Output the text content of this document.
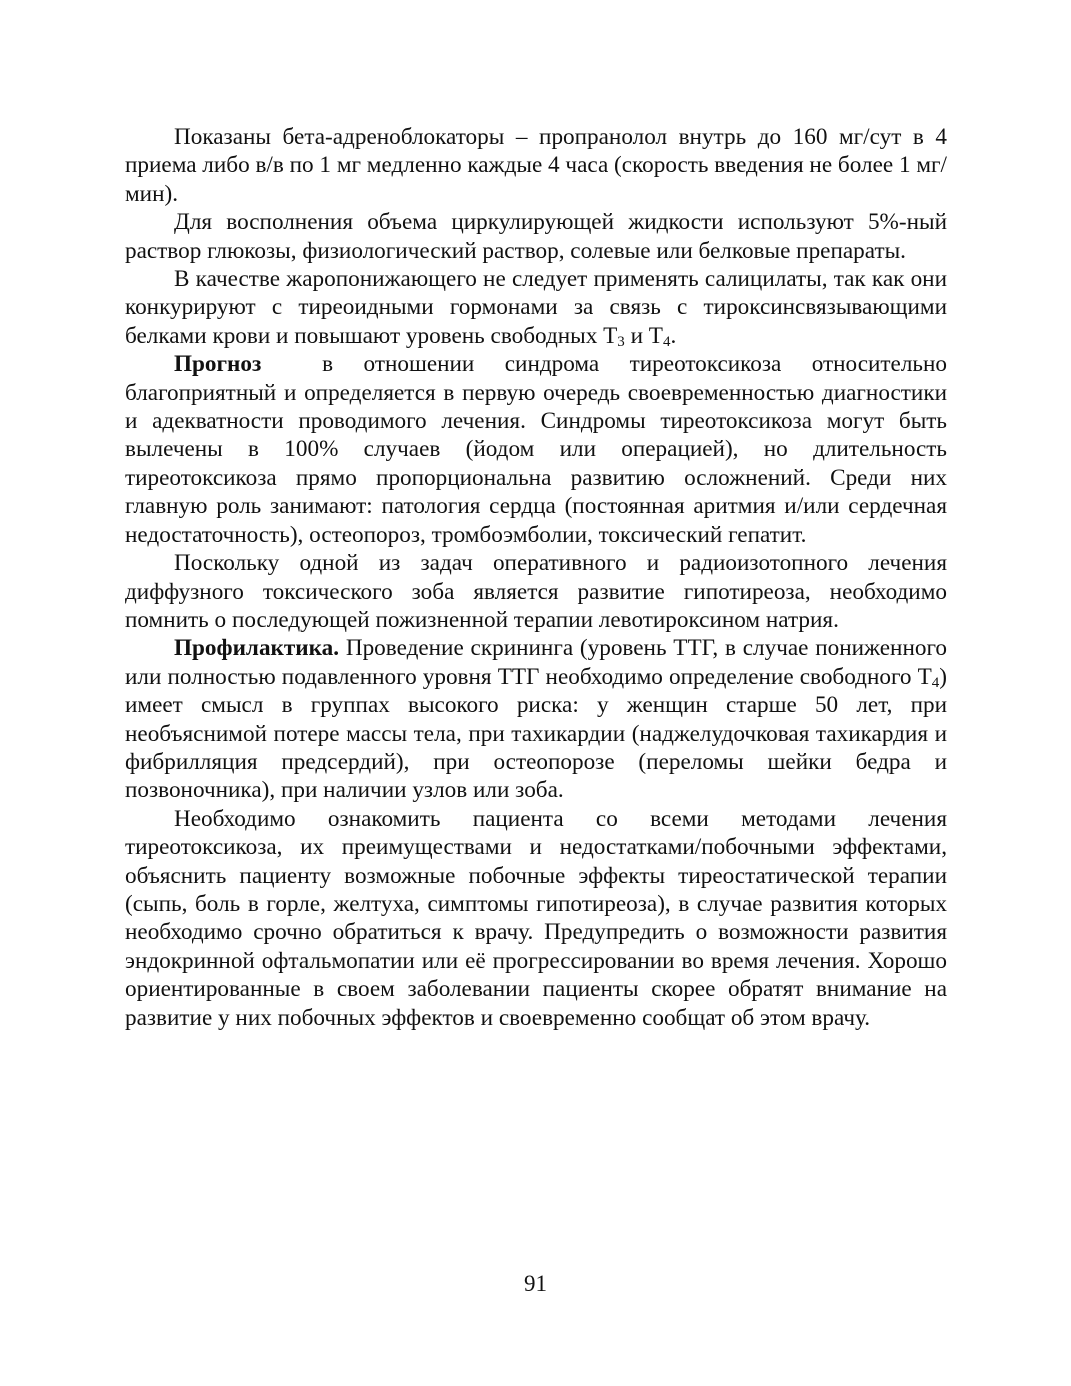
Показаны бета-адреноблокаторы – пропранолол внутрь до 160 мг/сут в 4 приема либо в/в по 1 мг медленно каждые 4 часа (скорость введения не более 1 мг/мин).

Для восполнения объема циркулирующей жидкости используют 5%-ный раствор глюкозы, физиологический раствор, солевые или белковые препараты.

В качестве жаропонижающего не следует применять салицилаты, так как они конкурируют с тиреоидными гормонами за связь с тироксинсвязывающими белками крови и повышают уровень свободных $Т_3$ и $Т_4$.

Прогноз  в отношении синдрома тиреотоксикоза относительно благоприятный и определяется в первую очередь своевременностью диагностики и адекватности проводимого лечения. Синдромы тиреотоксикоза могут быть вылечены в 100% случаев (йодом или операцией), но длительность тиреотоксикоза прямо пропорциональна развитию осложнений. Среди них главную роль занимают: патология сердца (постоянная аритмия и/или сердечная недостаточность), остеопороз, тромбоэмболии, токсический гепатит.

Поскольку одной из задач оперативного и радиоизотопного лечения диффузного токсического зоба является развитие гипотиреоза, необходимо помнить о последующей пожизненной терапии левотироксином натрия.

Профилактика. Проведение скрининга (уровень ТТГ, в случае пониженного или полностью подавленного уровня ТТГ необходимо определение свободного $Т_4$) имеет смысл в группах высокого риска: у женщин старше 50 лет, при необъяснимой потере массы тела, при тахикардии (наджелудочковая тахикардия и фибрилляция предсердий), при остеопорозе (переломы шейки бедра и позвоночника), при наличии узлов или зоба.

Необходимо ознакомить пациента со всеми методами лечения тиреотоксикоза, их преимуществами и недостатками/побочными эффектами, объяснить пациенту возможные побочные эффекты тиреостатической терапии (сыпь, боль в горле, желтуха, симптомы гипотиреоза), в случае развития которых необходимо срочно обратиться к врачу. Предупредить о возможности развития эндокринной офтальмопатии или её прогрессировании во время лечения. Хорошо ориентированные в своем заболевании пациенты скорее обратят внимание на развитие у них побочных эффектов и своевременно сообщат об этом врачу.

91
